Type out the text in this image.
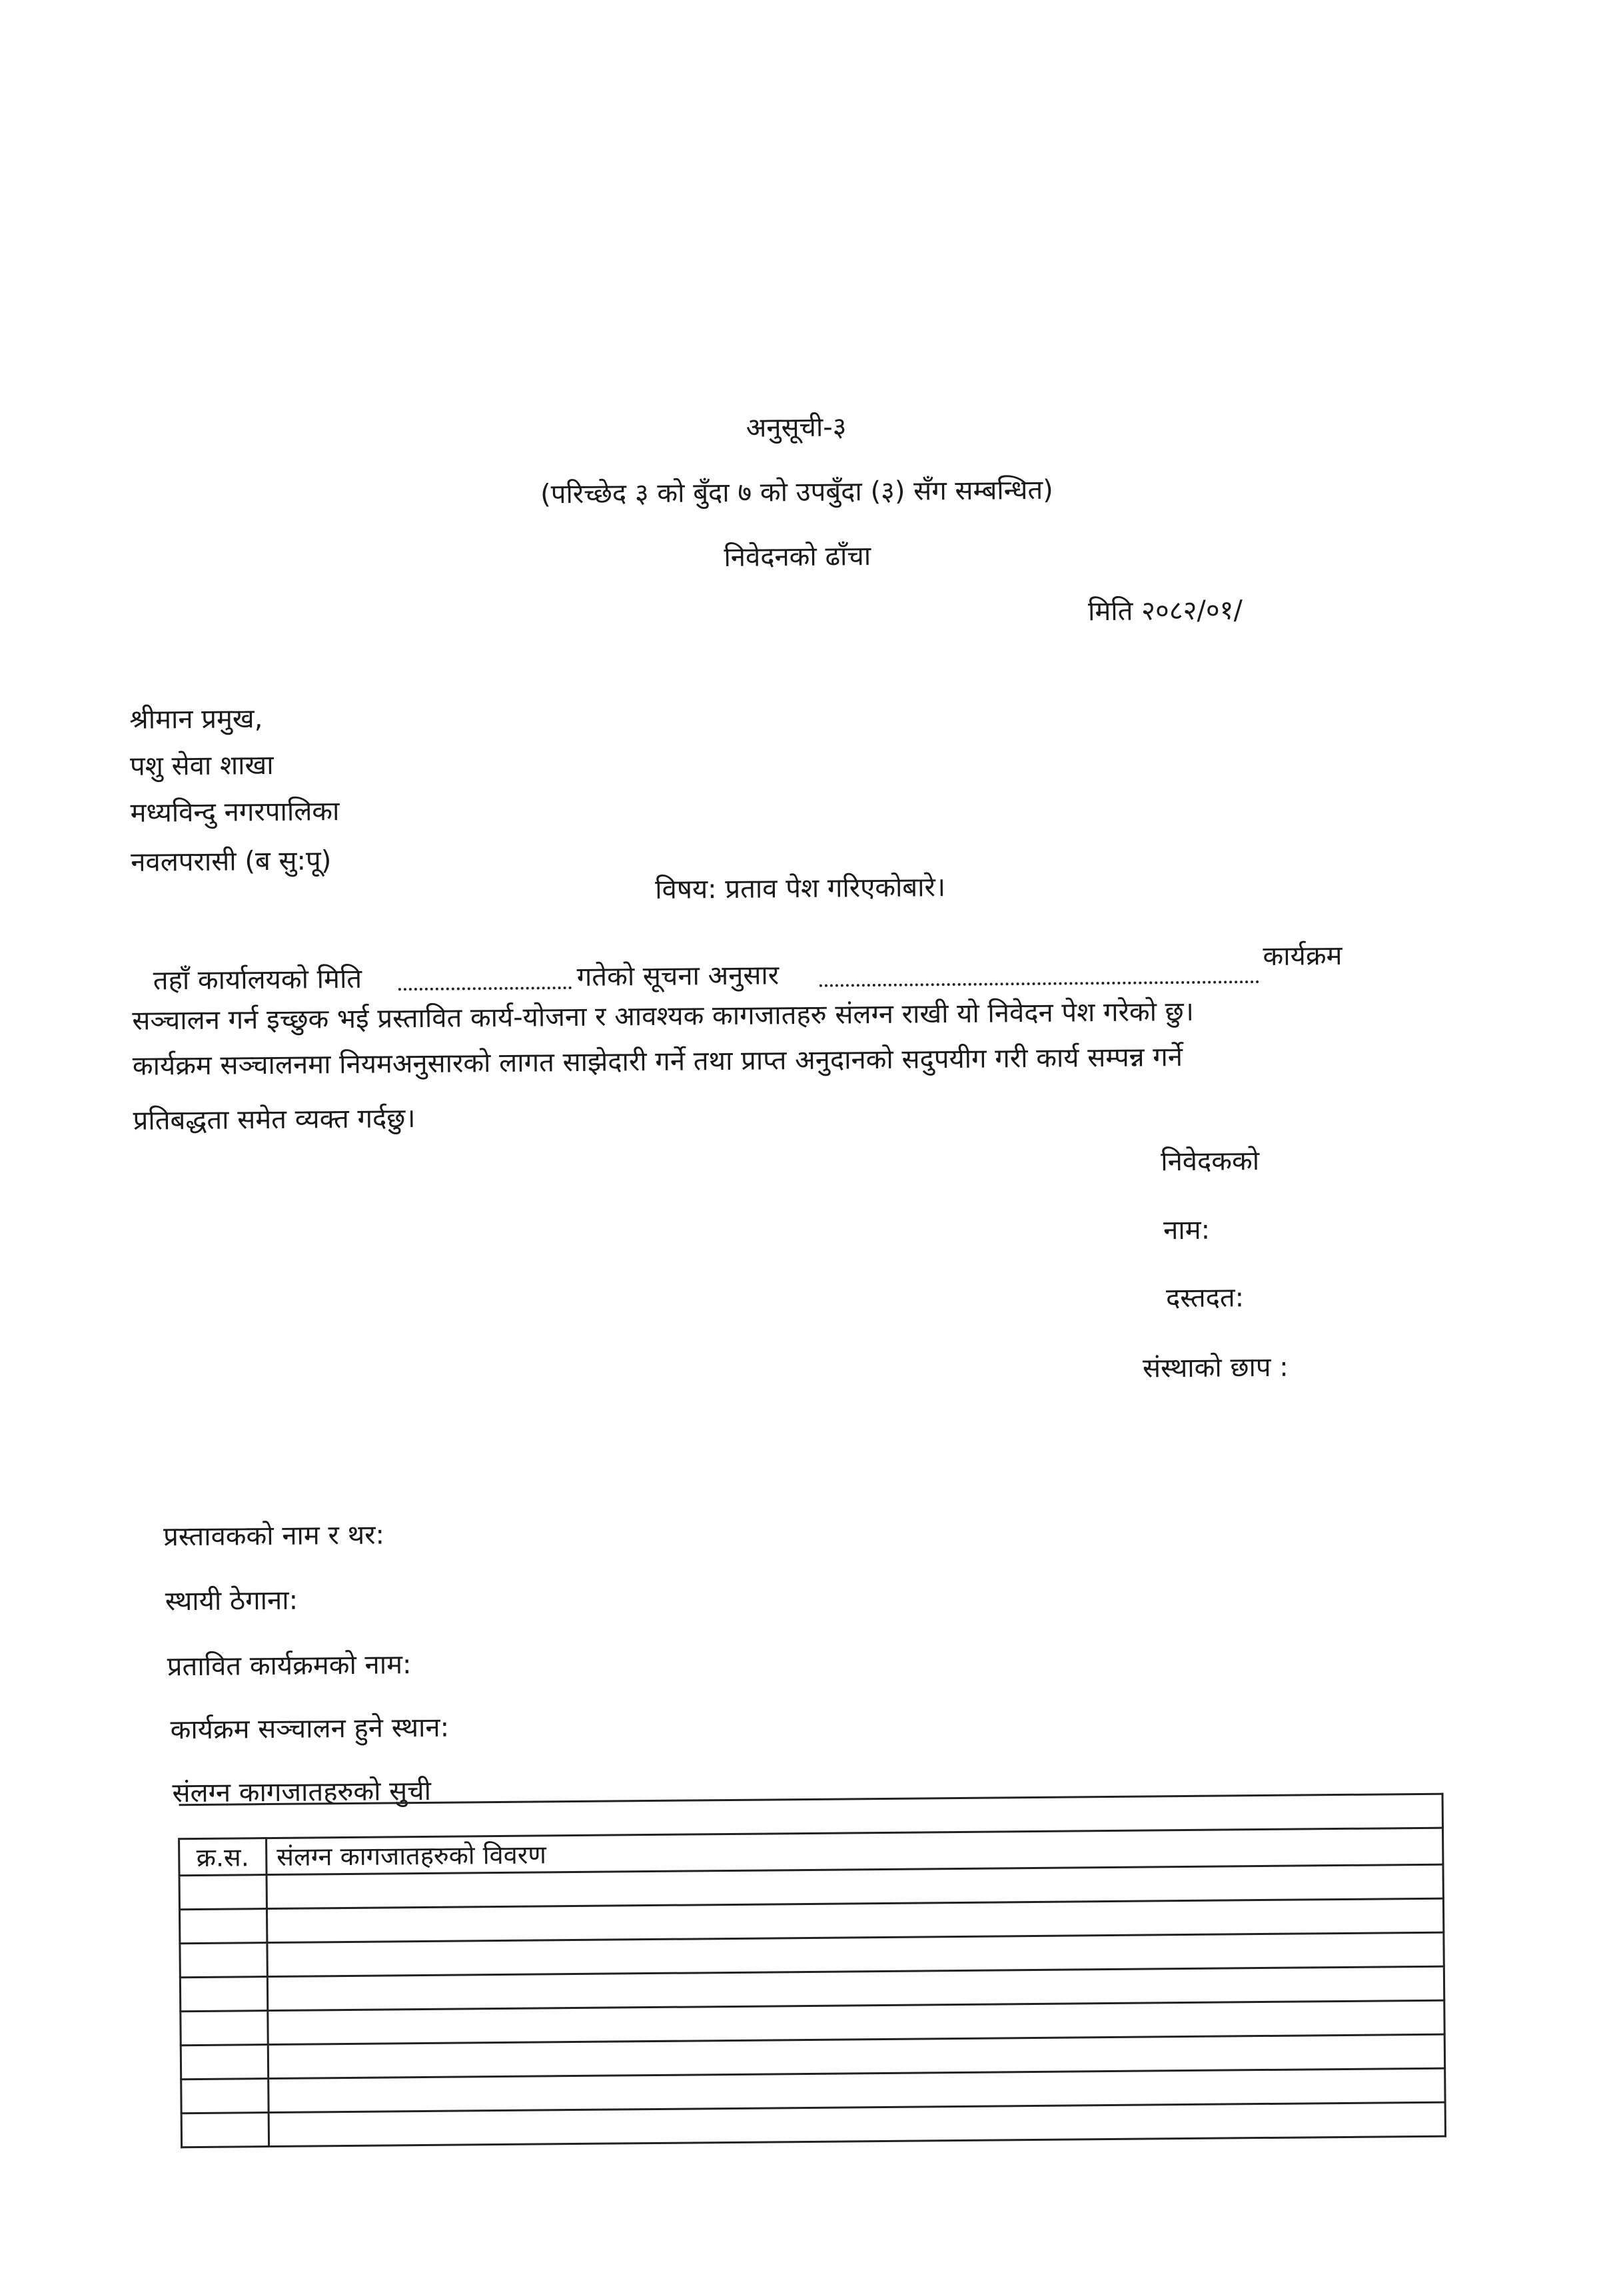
अनुसूची-३
(परिच्छेद ३ को बुँदा ७ को उपबुँदा (३) सँग सम्बन्धित)
निवेदनको ढाँचा
मिति २०८२/०१/
श्रीमान प्रमुख,
पशु सेवा शाखा
मध्यविन्दु नगरपालिका
नवलपरासी (ब सु:पू)
विषय: प्रताव पेश गरिएकोबारे।
तहाँ कार्यालयको मिति	गतेको सूचना अनुसार
कार्यक्रम
सञ्चालन गर्न इच्छुक भई प्रस्तावित कार्य-योजना र आवश्यक कागजातहरु संलग्न राखी यो निवेदन पेश गरेको छु।
कार्यक्रम सञ्चालनमा नियमअनुसारको लागत साझेदारी गर्ने तथा प्राप्त अनुदानको सदुपयीग गरी कार्य सम्पन्न गर्ने
प्रतिबद्धता समेत व्यक्त गर्दछु।
निवेदकको
नाम:
दस्तदत:
संस्थाको छाप :
प्रस्तावकको नाम र थर:
स्थायी ठेगाना:
प्रतावित कार्यक्रमको नाम:
कार्यक्रम सञ्चालन हुने स्थान:
संलग्न कागजातहरुको सुची

क्र.स.	संलग्न कागजातहरुको विवरण
